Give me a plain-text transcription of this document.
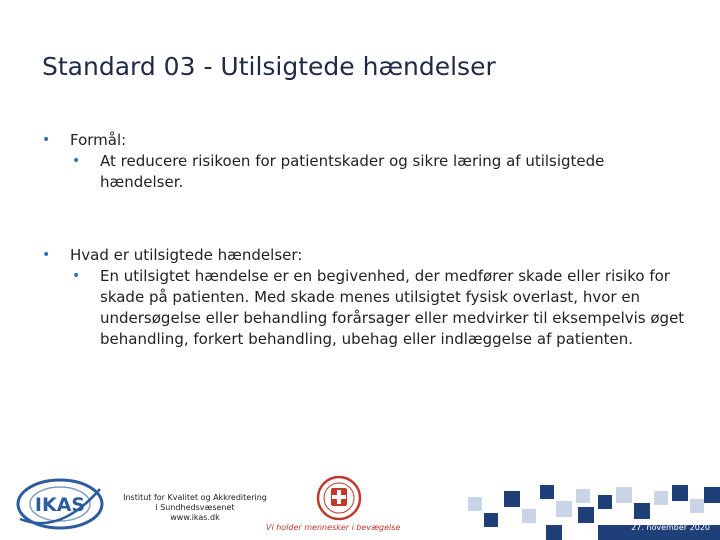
Standard 03 - Utilsigtede hændelser
• Formål:
• At reducere risikoen for patientskader og sikre læring af utilsigtede hændelser.
• Hvad er utilsigtede hændelser:
• En utilsigtet hændelse er en begivenhed, der medfører skade eller risiko for skade på patienten. Med skade menes utilsigtet fysisk overlast, hvor en undersøgelse eller behandling forårsager eller medvirker til eksempelvis øget behandling, forkert behandling, ubehag eller indlæggelse af patienten.
IKAS	Institut for Kvalitet og Akkreditering
i Sundhedsvæsenet
www.ikas.dk
Vi holder mennesker i bevægelse	27. november 2020
